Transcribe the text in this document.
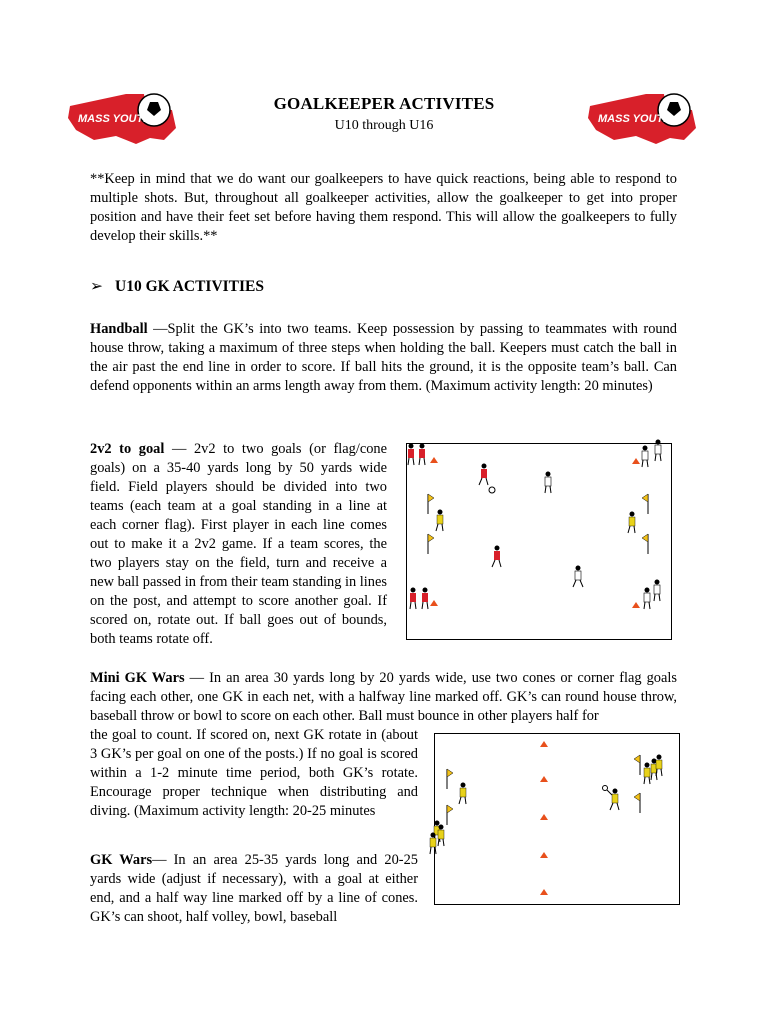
MASS YOUTH	MASS YOUTH
GOALKEEPER ACTIVITES
U10 through U16
**Keep in mind that we do want our goalkeepers to have quick reactions, being able to respond to multiple shots. But, throughout all goalkeeper activities, allow the goalkeeper to get into proper position and have their feet set before having them respond. This will allow the goalkeepers to fully develop their skills.**
➢ U10 GK ACTIVITIES
Handball —Split the GK’s into two teams. Keep possession by passing to teammates with round house throw, taking a maximum of three steps when holding the ball. Keepers must catch the ball in the air past the end line in order to score. If ball hits the ground, it is the opposite team’s ball. Can defend opponents within an arms length away from them. (Maximum activity length: 20 minutes)
2v2 to goal — 2v2 to two goals (or flag/cone goals) on a 35-40 yards long by 50 yards wide field. Field players should be divided into two teams (each team at a goal standing in a line at each corner flag). First player in each line comes out to make it a 2v2 game. If a team scores, the two players stay on the field, turn and receive a new ball passed in from their team standing in lines on the post, and attempt to score another goal. If scored on, rotate out. If ball goes out of bounds, both teams rotate off.
Mini GK Wars — In an area 30 yards long by 20 yards wide, use two cones or corner flag goals facing each other, one GK in each net, with a halfway line marked off. GK’s can round house throw, baseball throw or bowl to score on each other. Ball must bounce in other players half for
the goal to count. If scored on, next GK rotate in (about 3 GK’s per goal on one of the posts.) If no goal is scored within a 1-2 minute time period, both GK’s rotate. Encourage proper technique when distributing and diving. (Maximum activity length: 20-25 minutes
GK Wars— In an area 25-35 yards long and 20-25 yards wide (adjust if necessary), with a goal at either end, and a half way line marked off by a line of cones. GK’s can shoot, half volley, bowl, baseball
